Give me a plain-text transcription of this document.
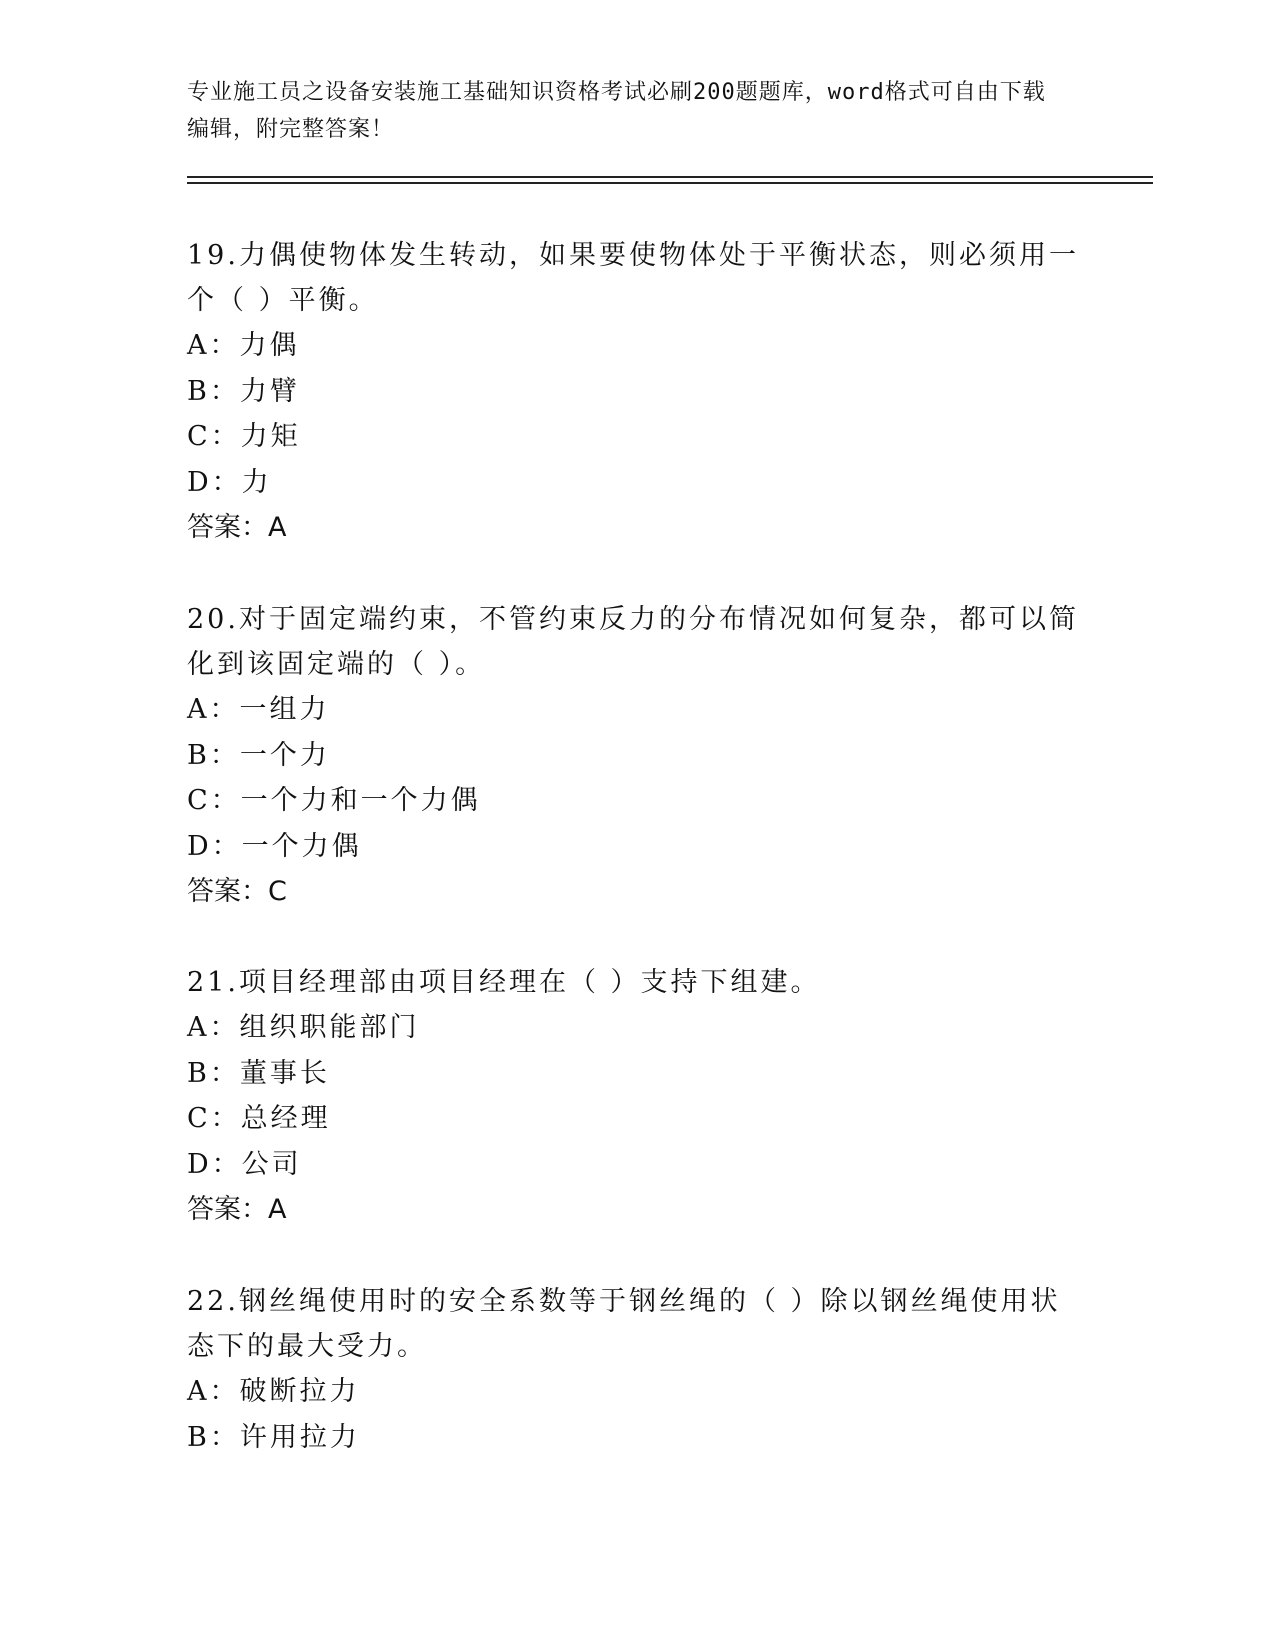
专业施工员之设备安装施工基础知识资格考试必刷200题题库，word格式可自由下载编辑，附完整答案！
19.力偶使物体发生转动，如果要使物体处于平衡状态，则必须用一个（ ）平衡。
A：力偶
B：力臂
C：力矩
D：力
答案：A
20.对于固定端约束，不管约束反力的分布情况如何复杂，都可以简化到该固定端的（ ）。
A：一组力
B：一个力
C：一个力和一个力偶
D：一个力偶
答案：C
21.项目经理部由项目经理在（ ）支持下组建。
A：组织职能部门
B：董事长
C：总经理
D：公司
答案：A
22.钢丝绳使用时的安全系数等于钢丝绳的（ ）除以钢丝绳使用状态下的最大受力。
A：破断拉力
B：许用拉力
